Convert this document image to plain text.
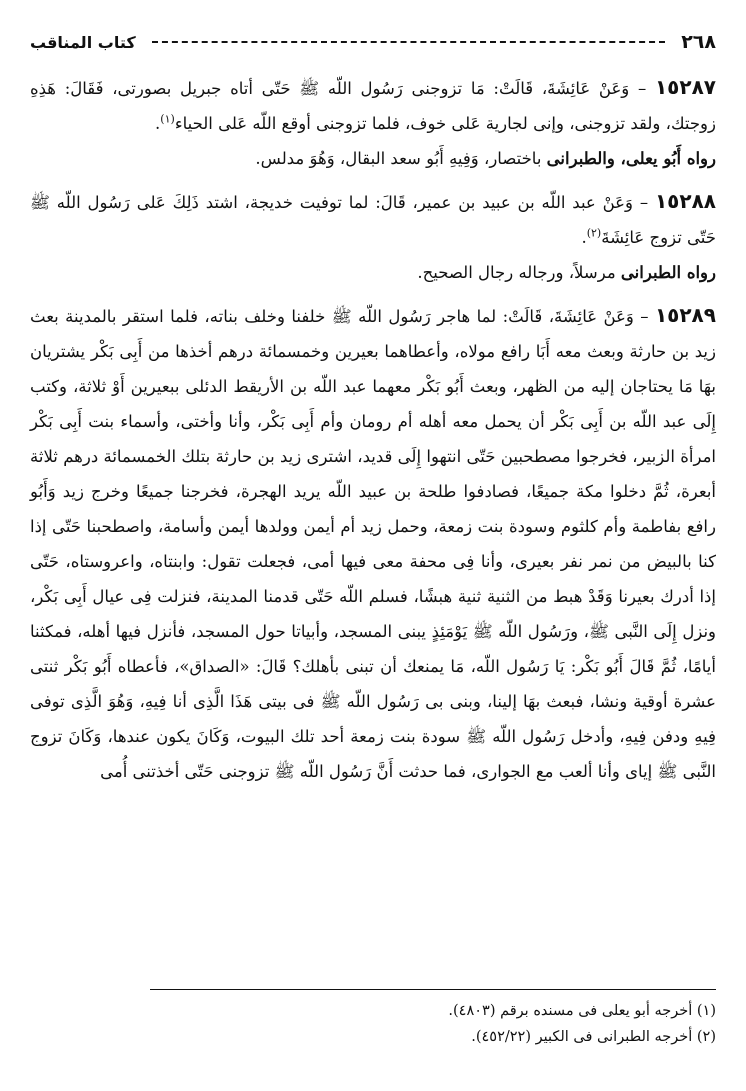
٢٦٨
كتاب المناقب

١٥٢٨٧ – وَعَنْ عَائِشَةَ، قَالَتْ: مَا تزوجنى رَسُول اللّه ﷺ حَتّى أتاه جبريل بصورتى، فَقَالَ: هَذِهِ زوجتك، ولقد تزوجنى، وإنى لجارية عَلى خوف، فلما تزوجنى أوقع اللّه عَلى الحياء$^{(١)}$.

رواه أَبُو يعلى، والطبرانى باختصار، وَفِيهِ أَبُو سعد البقال، وَهُوَ مدلس.

١٥٢٨٨ – وَعَنْ عبد اللّه بن عبيد بن عمير، قَالَ: لما توفيت خديجة، اشتد ذَلِكَ عَلى رَسُول اللّه ﷺ حَتّى تزوج عَائِشَةَ$^{(٢)}$.

رواه الطبرانى مرسلاً، ورجاله رجال الصحيح.

١٥٢٨٩ – وَعَنْ عَائِشَةَ، قَالَتْ: لما هاجر رَسُول اللّه ﷺ خلفنا وخلف بناته، فلما استقر بالمدينة بعث زيد بن حارثة وبعث معه أَبَا رافع مولاه، وأعطاهما بعيرين وخمسمائة درهم أخذها من أَبِى بَكْر يشتريان بهَا مَا يحتاجان إليه من الظهر، وبعث أَبُو بَكْر معهما عبد اللّه بن الأريقط الدئلى ببعيرين أَوْ ثلاثة، وكتب إِلَى عبد اللّه بن أَبِى بَكْر أن يحمل معه أهله أم رومان وأم أَبِى بَكْر، وأنا وأختى، وأسماء بنت أَبِى بَكْر امرأة الزبير، فخرجوا مصطحبين حَتّى انتهوا إِلَى قديد، اشترى زيد بن حارثة بتلك الخمسمائة درهم ثلاثة أبعرة، ثُمَّ دخلوا مكة جميعًا، فصادفوا طلحة بن عبيد اللّه يريد الهجرة، فخرجنا جميعًا وخرج زيد وَأَبُو رافع بفاطمة وأم كلثوم وسودة بنت زمعة، وحمل زيد أم أيمن وولدها أيمن وأسامة، واصطحبنا حَتّى إذا كنا بالبيض من نمر نفر بعيرى، وأنا فِى محفة معى فيها أمى، فجعلت تقول: وابنتاه، واعروستاه، حَتّى إذا أدرك بعيرنا وَقَدْ هبط من الثنية ثنية هبشًا، فسلم اللّه حَتّى قدمنا المدينة، فنزلت فِى عيال أَبِى بَكْر، ونزل إِلَى النَّبى ﷺ، ورَسُول اللّه ﷺ يَوْمَئِذٍ يبنى المسجد، وأبياتا حول المسجد، فأنزل فيها أهله، فمكثنا أيامًا، ثُمَّ قَالَ أَبُو بَكْر: يَا رَسُول اللّه، مَا يمنعك أن تبنى بأهلك؟ قَالَ: «الصداق»، فأعطاه أَبُو بَكْر ثنتى عشرة أوقية ونشا، فبعث بهَا إلينا، وبنى بى رَسُول اللّه ﷺ فى بيتى هَذَا الَّذِى أنا فِيهِ، وَهُوَ الَّذِى توفى فِيهِ ودفن فِيهِ، وأدخل رَسُول اللّه ﷺ سودة بنت زمعة أحد تلك البيوت، وَكَانَ يكون عندها، وَكَانَ تزوج النَّبى ﷺ إياى وأنا ألعب مع الجوارى، فما حدثت أَنَّ رَسُول اللّه ﷺ تزوجنى حَتّى أخذتنى أُمى

(١) أخرجه أبو يعلى فى مسنده برقم (٤٨٠٣).
(٢) أخرجه الطبرانى فى الكبير (٤٥٢/٢٢).
